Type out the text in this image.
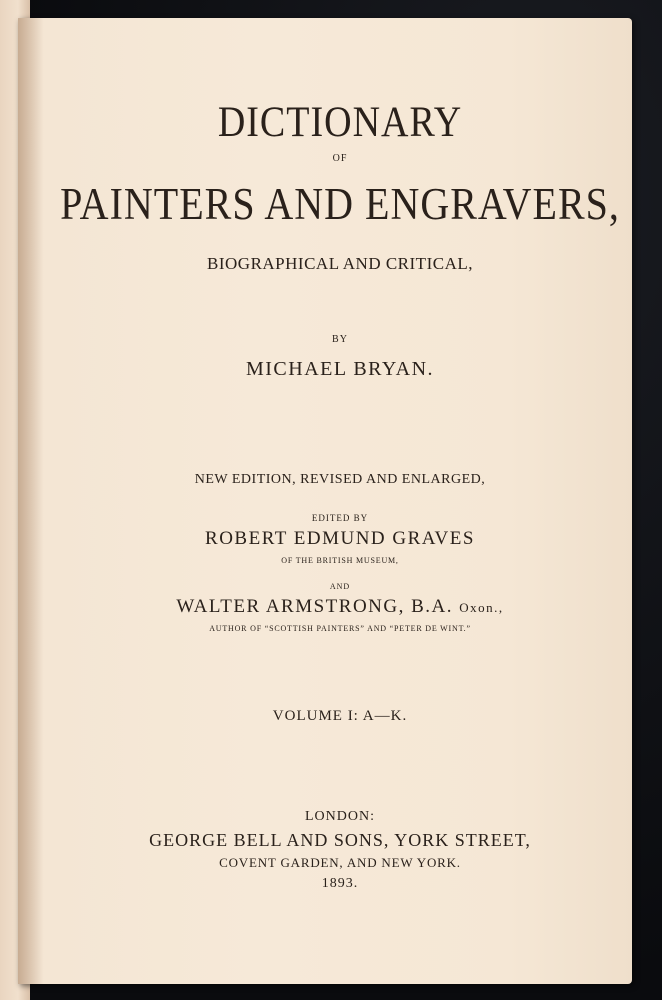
DICTIONARY
OF
PAINTERS AND ENGRAVERS,
BIOGRAPHICAL AND CRITICAL,
BY
MICHAEL BRYAN.
NEW EDITION, REVISED AND ENLARGED,
EDITED BY
ROBERT EDMUND GRAVES
OF THE BRITISH MUSEUM,
AND
WALTER ARMSTRONG, B.A. Oxon.,
AUTHOR OF “SCOTTISH PAINTERS” AND “PETER DE WINT.”
VOLUME I: A—K.
LONDON:
GEORGE BELL AND SONS, YORK STREET,
COVENT GARDEN, AND NEW YORK.
1893.
